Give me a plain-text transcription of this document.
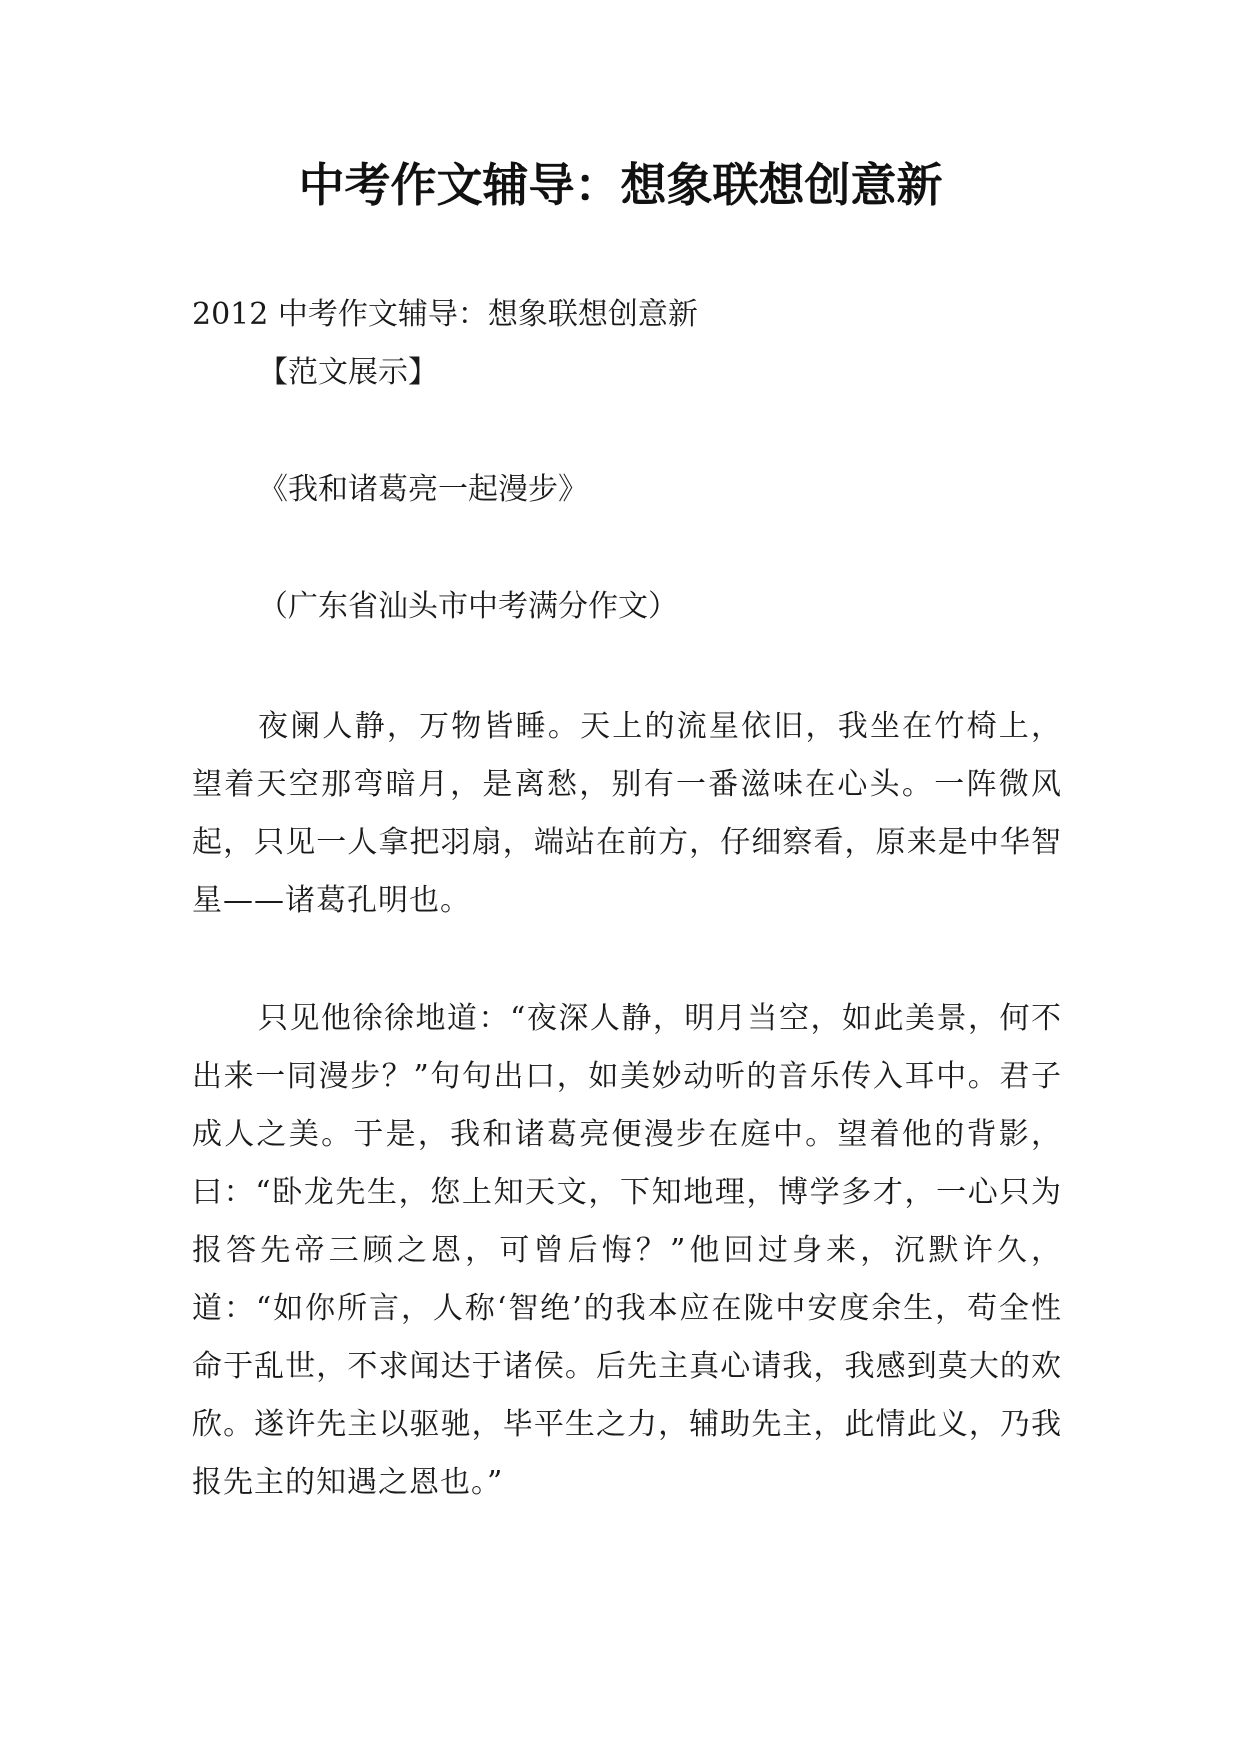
中考作文辅导：想象联想创意新
2012 中考作文辅导：想象联想创意新
【范文展示】
《我和诸葛亮一起漫步》
（广东省汕头市中考满分作文）
夜阑人静，万物皆睡。天上的流星依旧，我坐在竹椅上，望着天空那弯暗月，是离愁，别有一番滋味在心头。一阵微风起，只见一人拿把羽扇，端站在前方，仔细察看，原来是中华智星——诸葛孔明也。
只见他徐徐地道：“夜深人静，明月当空，如此美景，何不出来一同漫步？”句句出口，如美妙动听的音乐传入耳中。君子成人之美。于是，我和诸葛亮便漫步在庭中。望着他的背影，曰：“卧龙先生，您上知天文，下知地理，博学多才，一心只为报答先帝三顾之恩，可曾后悔？”他回过身来，沉默许久，道：“如你所言，人称‘智绝’的我本应在陇中安度余生，苟全性命于乱世，不求闻达于诸侯。后先主真心请我，我感到莫大的欢欣。遂许先主以驱驰，毕平生之力，辅助先主，此情此义，乃我报先主的知遇之恩也。”
